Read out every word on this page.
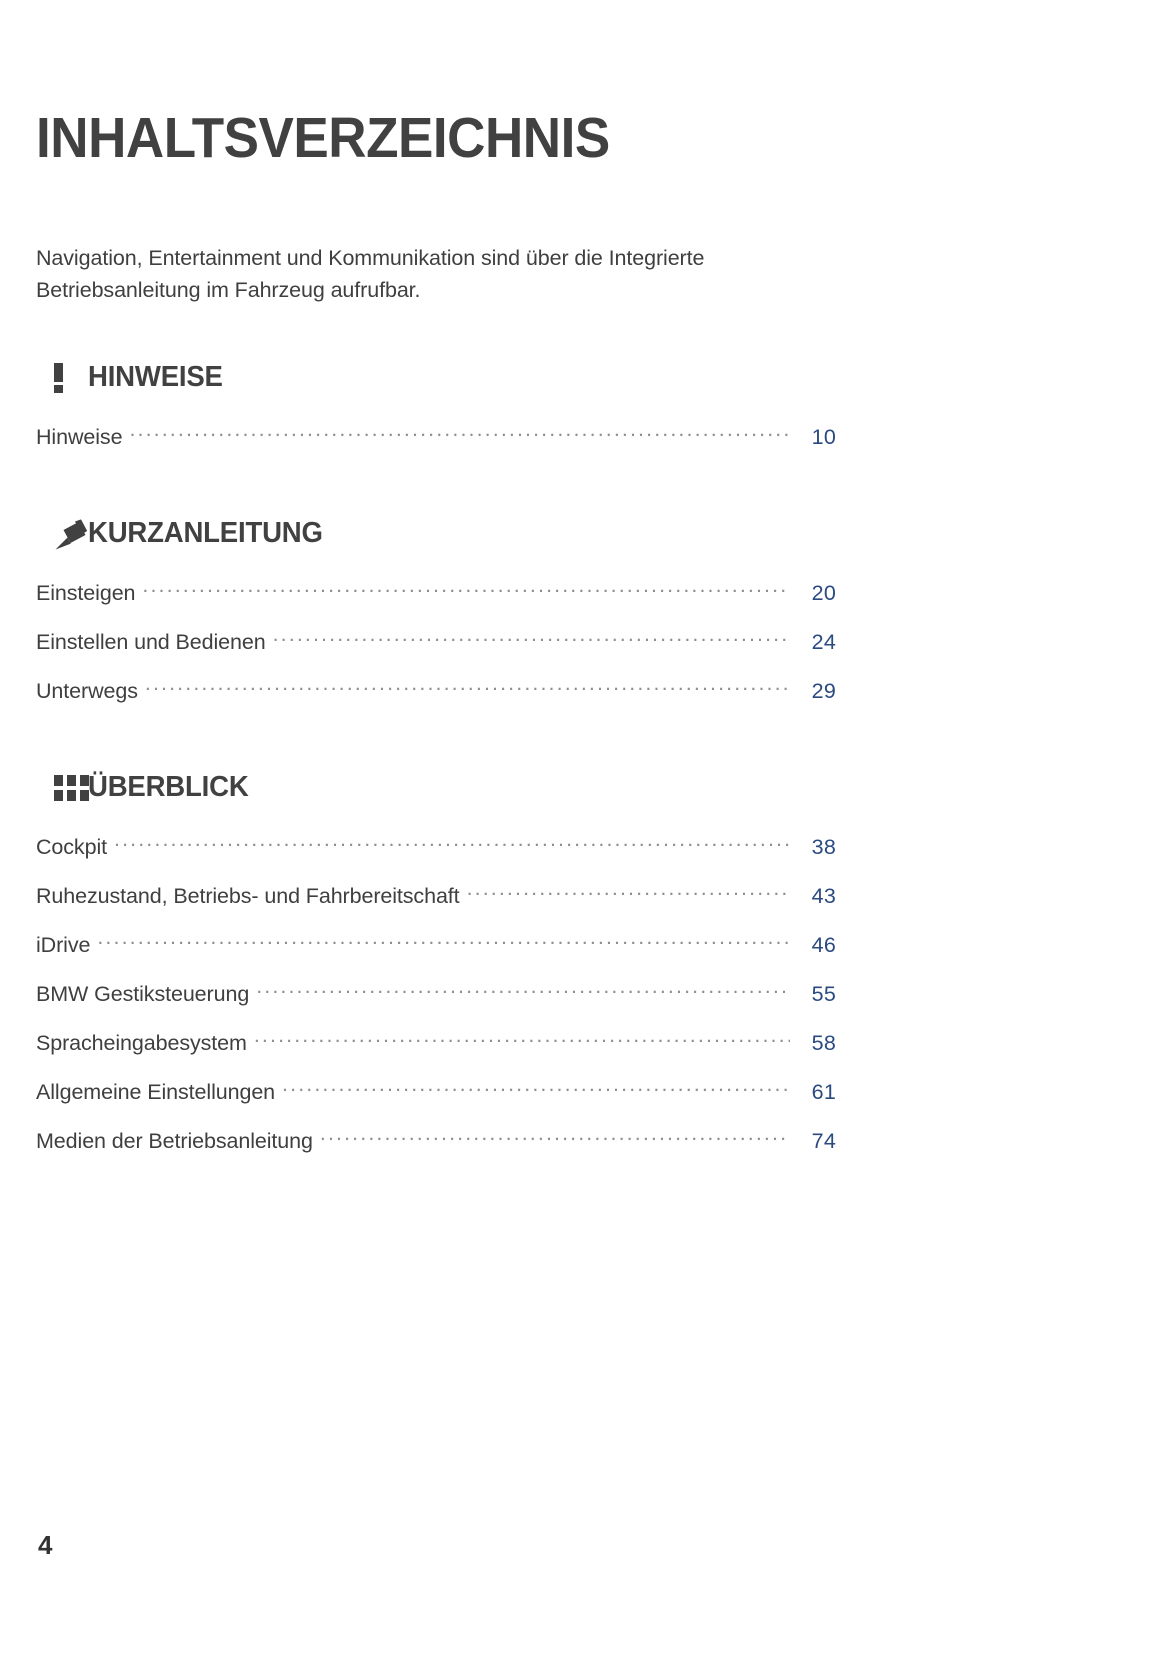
INHALTSVERZEICHNIS

Navigation, Entertainment und Kommunikation sind über die Integrierte Betriebsanleitung im Fahrzeug aufrufbar.

HINWEISE
Hinweise .....	10
KURZANLEITUNG
Einsteigen .....	20
Einstellen und Bedienen .....	24
Unterwegs .....	29
ÜBERBLICK
Cockpit .....	38
Ruhezustand, Betriebs- und Fahrbereitschaft .....	43
iDrive .....	46
BMW Gestiksteuerung .....	55
Spracheingabesystem .....	58
Allgemeine Einstellungen .....	61
Medien der Betriebsanleitung .....	74
4
